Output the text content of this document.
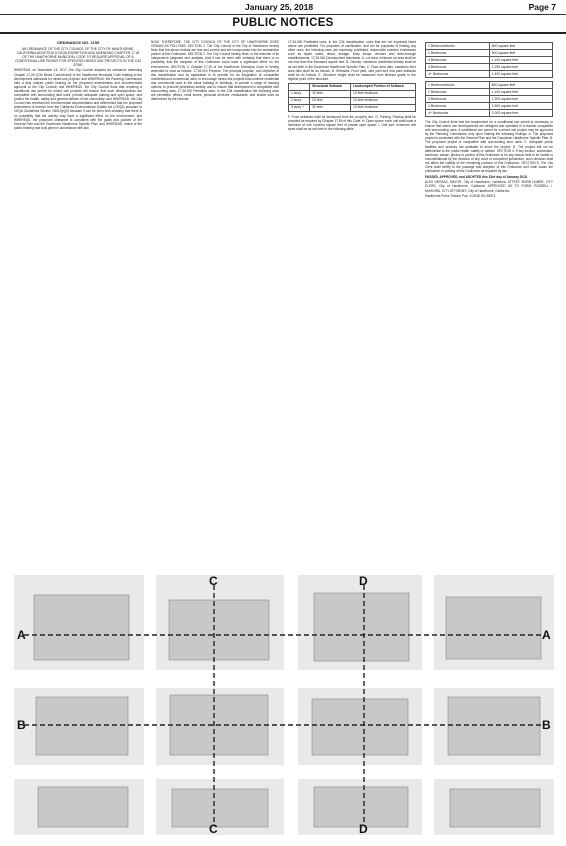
January 25, 2018	Page 7
PUBLIC NOTICES

ORDINANCE NO. 2155

AN ORDINANCE OF THE CITY COUNCIL OF THE CITY OF HAWTHORNE, CALIFORNIA ADOPTING A CEQA EXEMPTION AND AMENDING CHAPTER 17.26 OF THE HAWTHORNE MUNICIPAL CODE TO REQUIRE APPROVAL OF A CONDITIONAL USE PERMIT FOR SPECIFIED MIXED USE PROJECTS IN THE C34 ZONE

WHEREAS, on November 14, 2017, the City Council adopted an ordinance amending Chapter 17.26 (C34 Mixed Commercial) of the Hawthorne Municipal Code relating to the development standards for mixed-use projects; and WHEREAS, the Planning Commission held a duly noticed public hearing on the proposed amendments and recommended approval to the City Council; and WHEREAS, the City Council finds that requiring a conditional use permit for mixed use projects will ensure that such developments are compatible with surrounding land uses, provide adequate parking and open space, and protect the health, safety and general welfare of the community; and WHEREAS, the City Council has reviewed the environmental documentation and determined that the proposed amendment is exempt from the California Environmental Quality Act (CEQA) pursuant to CEQA Guidelines Section 15061(b)(3) because it can be seen with certainty that there is no possibility that the activity may have a significant effect on the environment; and WHEREAS, the proposed ordinance is consistent with the goals and policies of the General Plan and the Downtown Hawthorne Specific Plan; and WHEREAS, notice of the public hearing was duly given in accordance with law.

NOW, THEREFORE, THE CITY COUNCIL OF THE CITY OF HAWTHORNE DOES ORDAIN AS FOLLOWS: SECTION 1. The City Council of the City of Hawthorne hereby finds that the above recitals are true and correct and are incorporated into the substantive portion of this Ordinance. SECTION 2. The City Council hereby finds, in the exercise of its independent judgment and analysis, that it can be seen with certainty that there is no possibility that the adoption of this Ordinance could have a significant effect on the environment. SECTION 3. Chapter 17.26 of the Hawthorne Municipal Code is hereby amended to read as follows: 17.26.010 Purpose. The principal purpose, and objective of this classification and its application is to provide for an integration of compatible residential and commercial uses, to encourage mixed use projects that combine residential and commercial uses in the same building or buildings, to provide a range of housing options, to promote pedestrian activity, and to ensure that development is compatible with surrounding uses. 17.26.020 Permitted uses. In the C34 classification the following uses are permitted: offices, retail stores, personal services, restaurants, and similar uses as determined by the Director.

17.26.030 Prohibited uses. In the C34 classification, uses that are not expressly listed above are prohibited. For purposes of clarification, and not for purposes of limiting any other uses, the following uses are expressly prohibited: automobile oriented businesses such as repair, sales, rental, storage, body shops, vendors and drive-through establishments. 17.26.040 Development standards. A. Lot area: minimum lot area shall be not less than five thousand square feet. B. Density: maximum residential density shall be as set forth in the Downtown Hawthorne Specific Plan. C. Floor area ratio: maximum floor area ratio shall be as follows. D. Setbacks: Front yard, side yard and rear yard setbacks shall be as follows. E. Structure height shall be measured from finished grade to the highest point of the structure.

	Structural Setback	Landscaped Portion of Setback
1 story	10 feet	10 feet minimum
2 story	20 feet	10 feet minimum
3 story +	30 feet	10 feet minimum

F. Front setbacks shall be measured from the property line. G. Parking: Parking shall be provided as required by Chapter 17.59 of this Code. H. Open space: each unit shall have a minimum of one hundred square feet of private open space. I. Unit size: minimum unit sizes shall be as set forth in the following table.

1 Bedroom/studio	600 square feet
2 Bedrooms	900 square feet
3 Bedrooms	1,100 square feet
4 Bedrooms	1,250 square feet
4+ Bedrooms	1,400 square feet
1 Bedroom/studio	800 square feet
2 Bedrooms	1,100 square feet
3 Bedrooms	1,300 square feet
4 Bedrooms	1,500 square feet
4+ Bedrooms	2,000 square feet

The City Council finds that the requirement for a conditional use permit is necessary to ensure that mixed use developments are designed and operated in a manner compatible with surrounding uses. A conditional use permit for a mixed use project may be approved by the Planning Commission only upon making the following findings: A. The proposed project is consistent with the General Plan and the Downtown Hawthorne Specific Plan; B. The proposed project is compatible with surrounding land uses; C. Adequate public facilities and services are available to serve the project; D. The project will not be detrimental to the public health, safety or welfare. SECTION 4. If any section, subsection, sentence, clause, phrase or portion of this Ordinance is for any reason held to be invalid or unconstitutional by the decision of any court of competent jurisdiction, such decision shall not affect the validity of the remaining portions of this Ordinance. SECTION 5. The City Clerk shall certify to the passage and adoption of this Ordinance and shall cause the publication or posting of this Ordinance as required by law.

PASSED, APPROVED, and ADOPTED this 23rd day of January 2018.

ALEX VARGAS, MAYOR, City of Hawthorne, California. ATTEST: NORB HUBER, CITY CLERK, City of Hawthorne, California. APPROVED AS TO FORM: RUSSELL I. MIYAHIRA, CITY ATTORNEY, City of Hawthorne, California.

Hawthorne Press Tribune Pub. 1/25/18 HH-26974

A	A
B	B
C
C
D
D
